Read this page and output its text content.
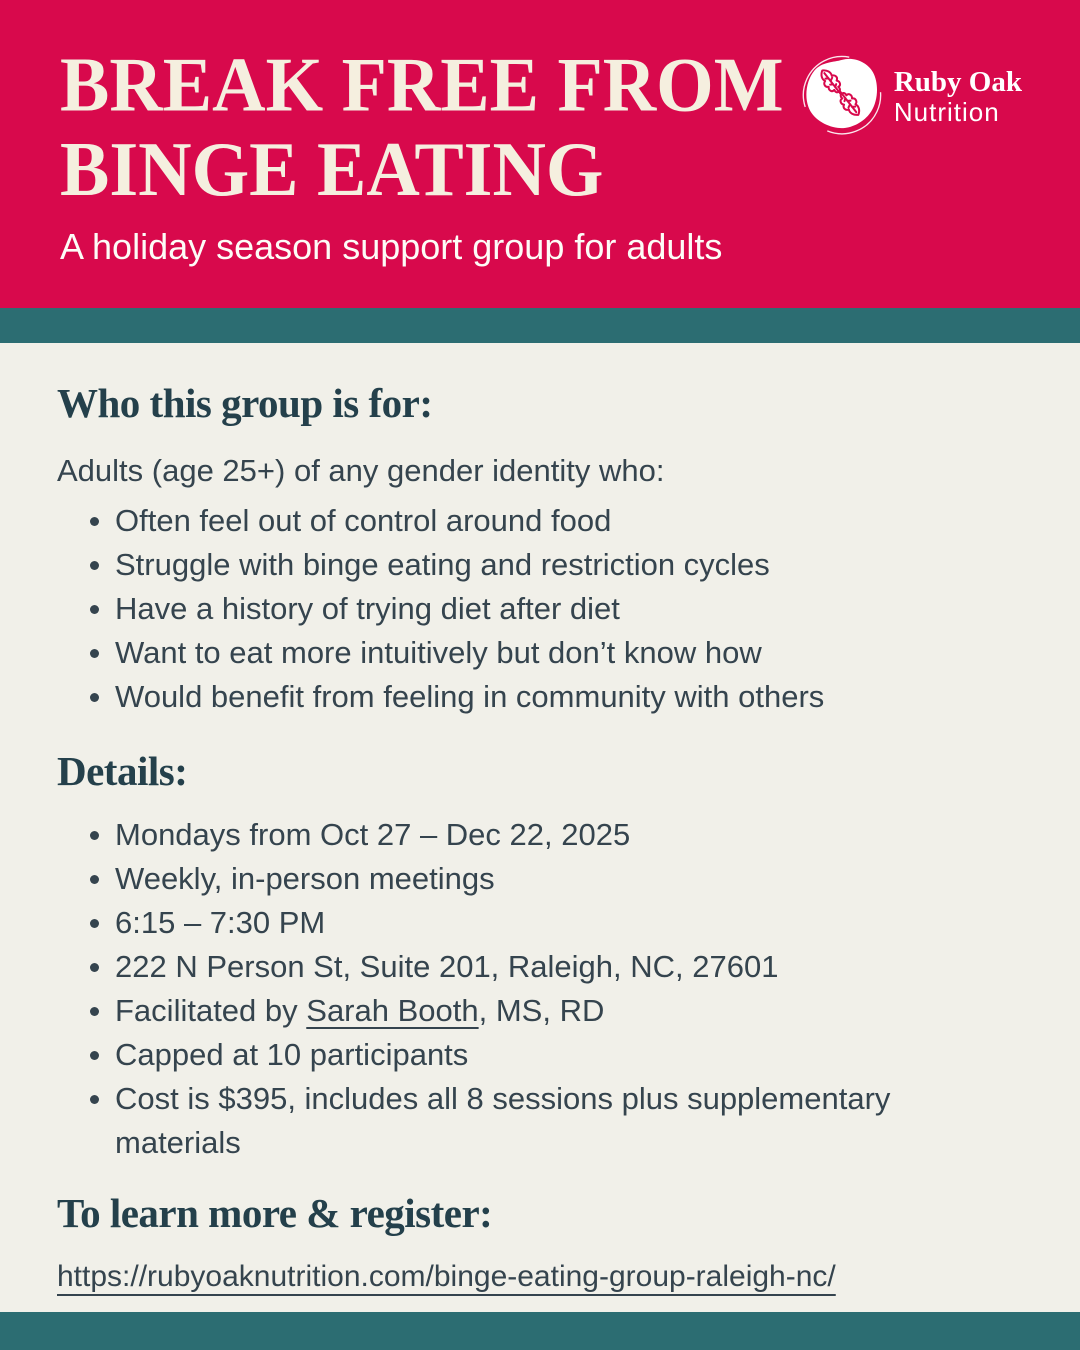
BREAK FREE FROM
BINGE EATING

A holiday season support group for adults

Ruby Oak
Nutrition
Who this group is for:

Adults (age 25+) of any gender identity who:

Often feel out of control around food
Struggle with binge eating and restriction cycles
Have a history of trying diet after diet
Want to eat more intuitively but don’t know how
Would benefit from feeling in community with others
Details:
Mondays from Oct 27 – Dec 22, 2025
Weekly, in-person meetings
6:15 – 7:30 PM
222 N Person St, Suite 201, Raleigh, NC, 27601
Facilitated by Sarah Booth, MS, RD
Capped at 10 participants
Cost is $395, includes all 8 sessions plus supplementary materials
To learn more & register:
https://rubyoaknutrition.com/binge-eating-group-raleigh-nc/
